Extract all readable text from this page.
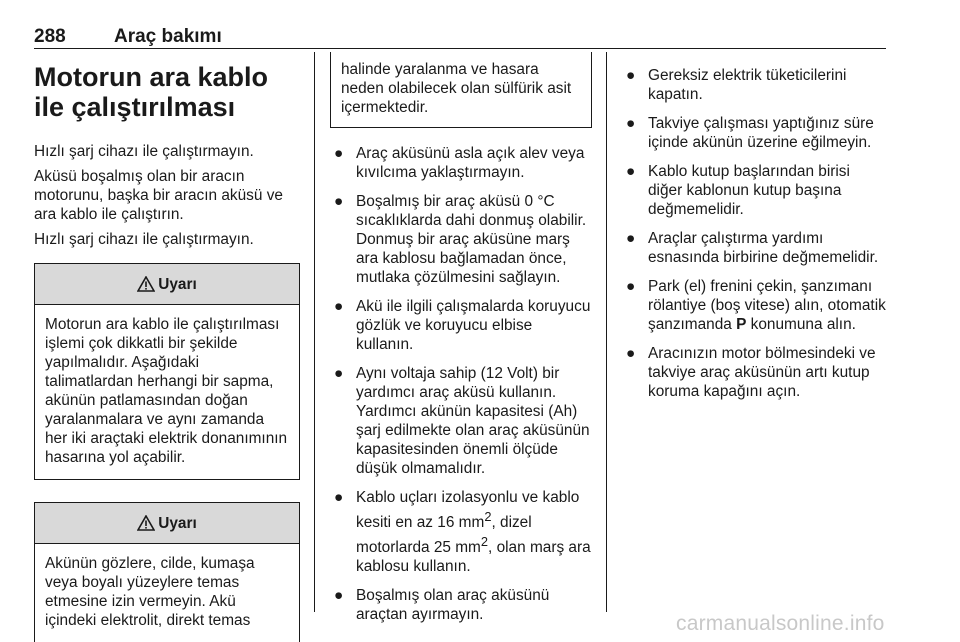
288	Araç bakımı
Motorun ara kablo ile çalıştırılması

Hızlı şarj cihazı ile çalıştırmayın.

Aküsü boşalmış olan bir aracın motorunu, başka bir aracın aküsü ve ara kablo ile çalıştırın.

Hızlı şarj cihazı ile çalıştırmayın.

Uyarı
Motorun ara kablo ile çalıştırılması işlemi çok dikkatli bir şekilde yapılmalıdır. Aşağıdaki talimatlardan herhangi bir sapma, akünün patlamasından doğan yaralanmalara ve aynı zamanda her iki araçtaki elektrik donanımının hasarına yol açabilir.
Uyarı
Akünün gözlere, cilde, kumaşa veya boyalı yüzeylere temas etmesine izin vermeyin. Akü içindeki elektrolit, direkt temas
halinde yaralanma ve hasara neden olabilecek olan sülfürik asit içermektedir.
● Araç aküsünü asla açık alev veya kıvılcıma yaklaştırmayın.
● Boşalmış bir araç aküsü 0 °C sıcaklıklarda dahi donmuş olabilir. Donmuş bir araç aküsüne marş ara kablosu bağlamadan önce, mutlaka çözülmesini sağlayın.
● Akü ile ilgili çalışmalarda koruyucu gözlük ve koruyucu elbise kullanın.
● Aynı voltaja sahip (12 Volt) bir yardımcı araç aküsü kullanın. Yardımcı akünün kapasitesi (Ah) şarj edilmekte olan araç aküsünün kapasitesinden önemli ölçüde düşük olmamalıdır.
● Kablo uçları izolasyonlu ve kablo kesiti en az 16 $mm^2$, dizel motorlarda 25 $mm^2$, olan marş ara kablosu kullanın.
● Boşalmış olan araç aküsünü araçtan ayırmayın.
● Gereksiz elektrik tüketicilerini kapatın.
● Takviye çalışması yaptığınız süre içinde akünün üzerine eğilmeyin.
● Kablo kutup başlarından birisi diğer kablonun kutup başına değmemelidir.
● Araçlar çalıştırma yardımı esnasında birbirine değmemelidir.
● Park (el) frenini çekin, şanzımanı rölantiye (boş vitese) alın, otomatik şanzımanda P konumuna alın.
● Aracınızın motor bölmesindeki ve takviye araç aküsünün artı kutup koruma kapağını açın.
carmanualsonline.info
